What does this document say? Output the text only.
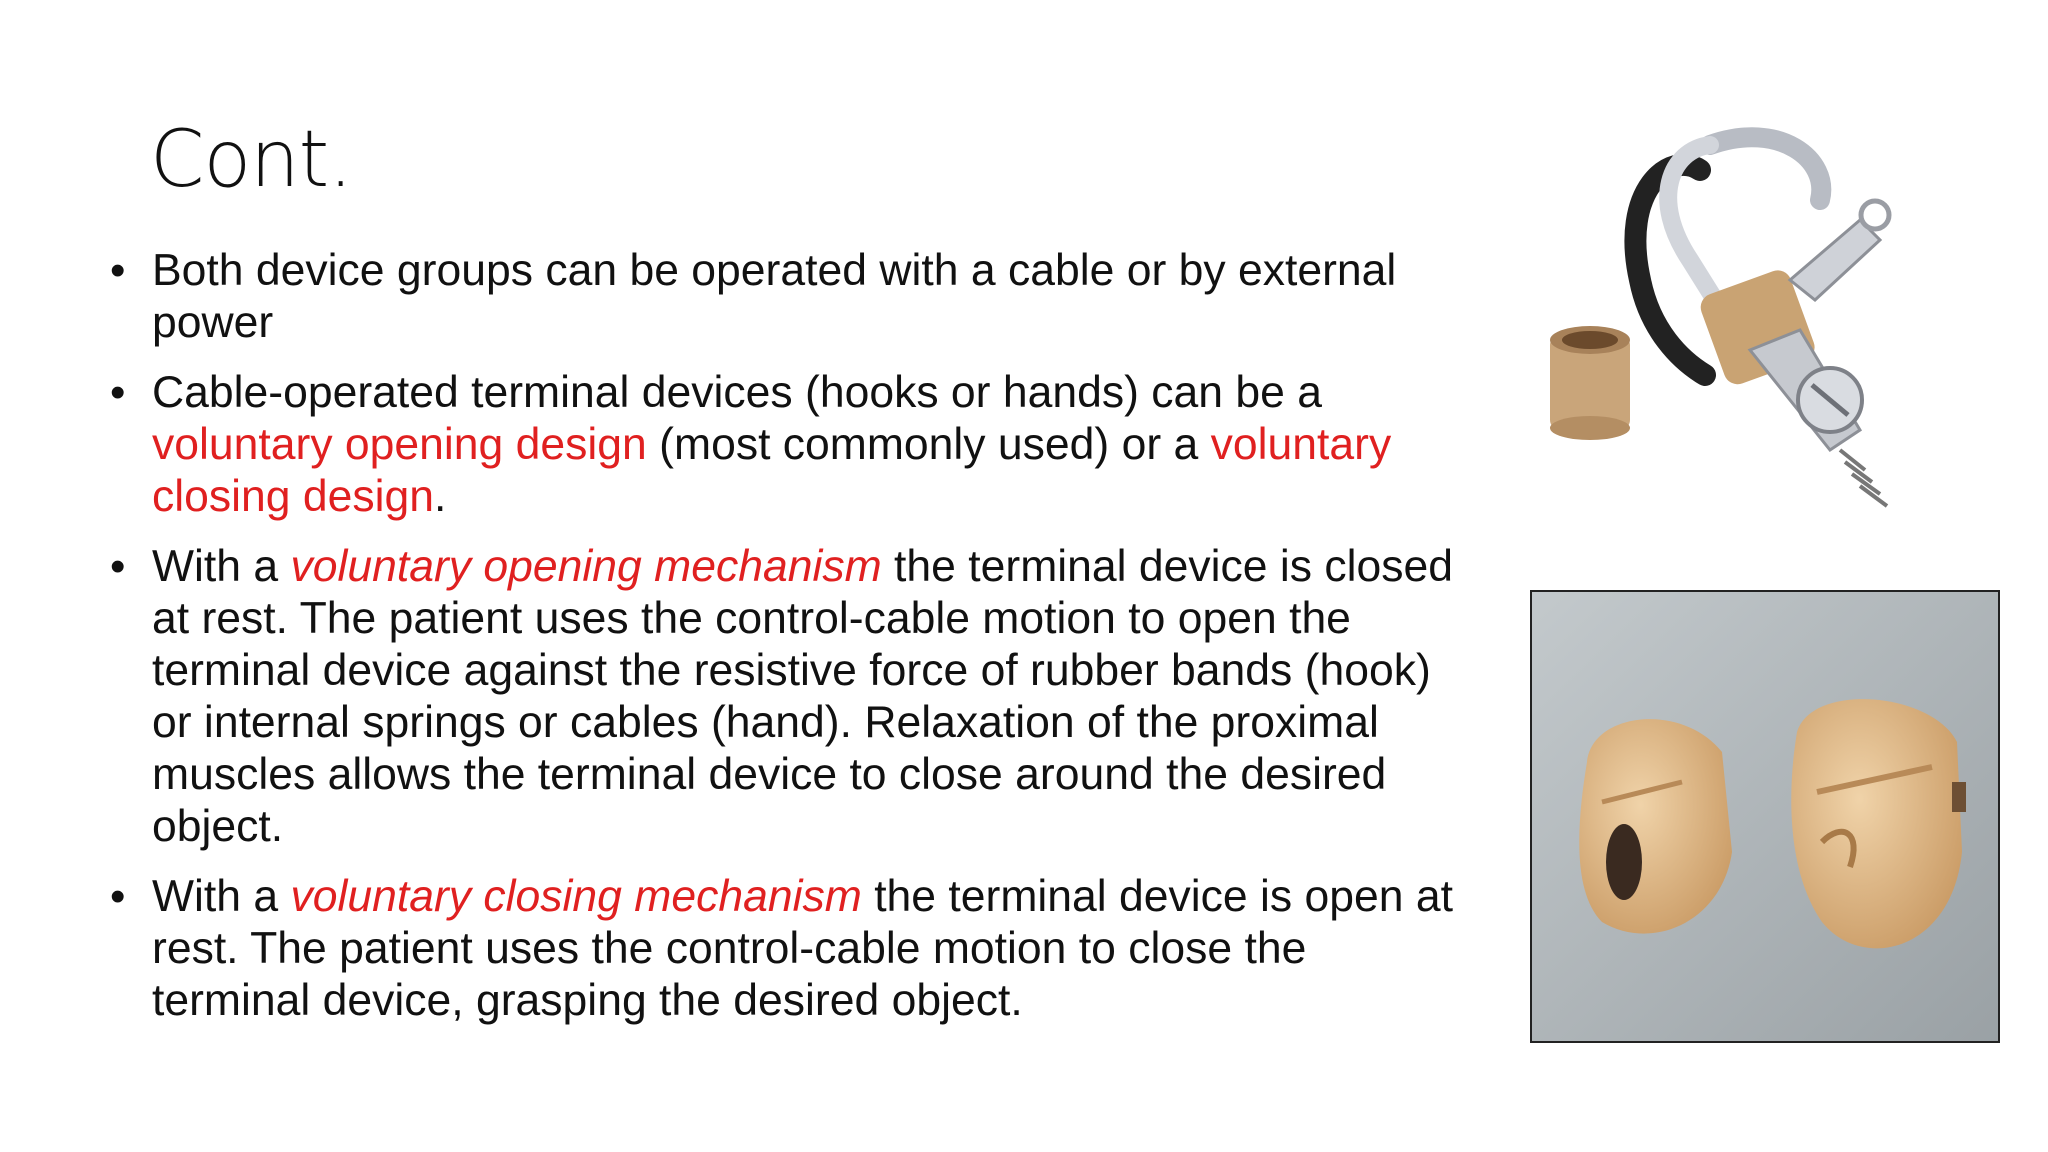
Cont.
• Both device groups can be operated with a cable or by external power
• Cable-operated terminal devices (hooks or hands) can be a voluntary opening design (most commonly used) or a voluntary closing design.
• With a voluntary opening mechanism the terminal device is closed at rest. The patient uses the control-cable motion to open the terminal device against the resistive force of rubber bands (hook) or internal springs or cables (hand). Relaxation of the proximal muscles allows the terminal device to close around the desired object.
• With a voluntary closing mechanism the terminal device is open at rest. The patient uses the control-cable motion to close the terminal device, grasping the desired object.
